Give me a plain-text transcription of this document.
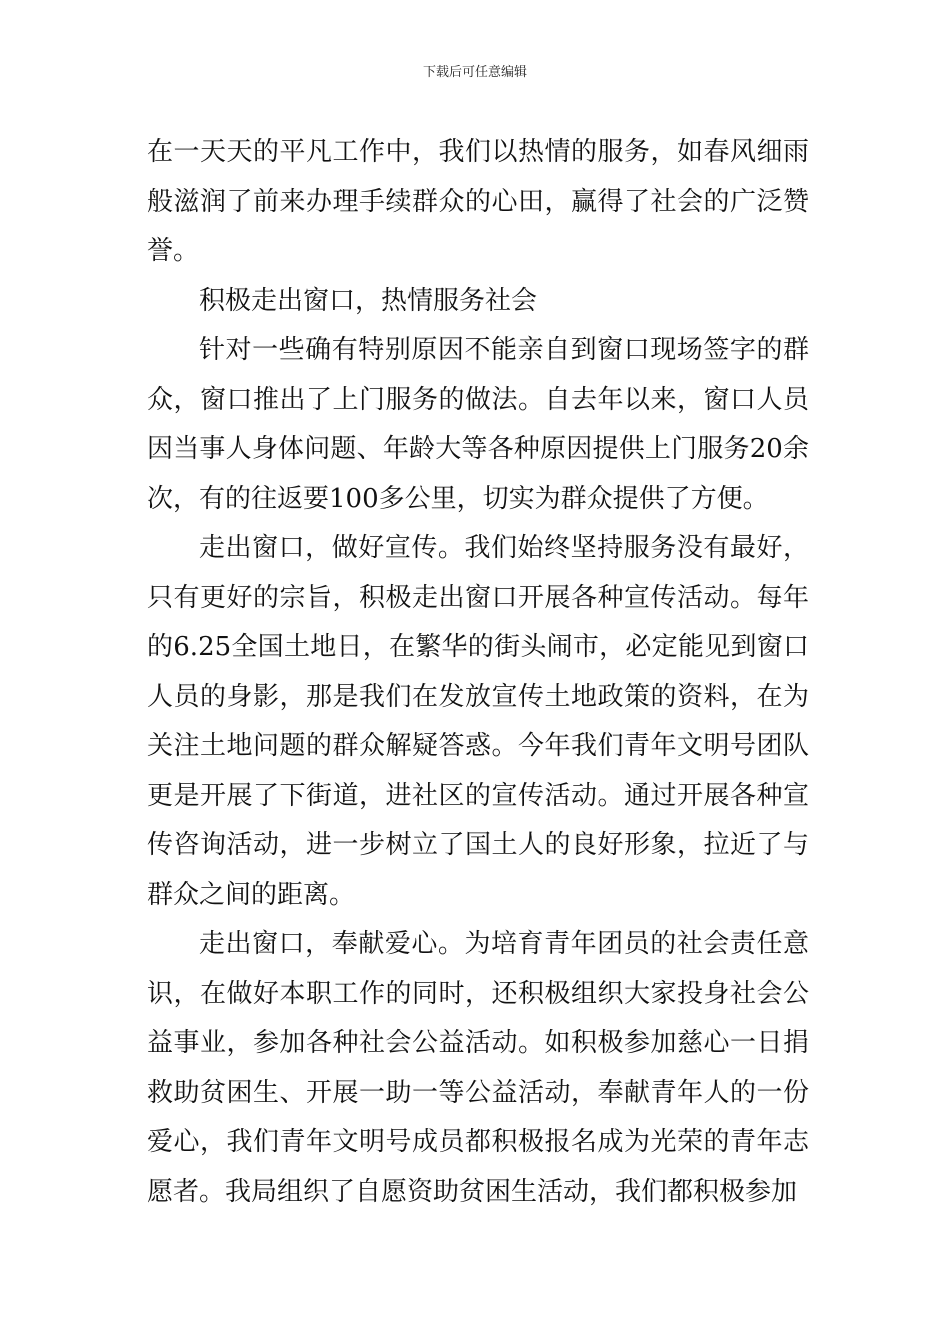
下载后可任意编辑

在一天天的平凡工作中，我们以热情的服务，如春风细雨般滋润了前来办理手续群众的心田，赢得了社会的广泛赞誉。

积极走出窗口，热情服务社会

针对一些确有特别原因不能亲自到窗口现场签字的群众，窗口推出了上门服务的做法。自去年以来，窗口人员因当事人身体问题、年龄大等各种原因提供上门服务20余次，有的往返要100多公里，切实为群众提供了方便。

走出窗口，做好宣传。我们始终坚持服务没有最好，只有更好的宗旨，积极走出窗口开展各种宣传活动。每年的6.25全国土地日，在繁华的街头闹市，必定能见到窗口人员的身影，那是我们在发放宣传土地政策的资料，在为关注土地问题的群众解疑答惑。今年我们青年文明号团队更是开展了下街道，进社区的宣传活动。通过开展各种宣传咨询活动，进一步树立了国土人的良好形象，拉近了与群众之间的距离。

走出窗口，奉献爱心。为培育青年团员的社会责任意识，在做好本职工作的同时，还积极组织大家投身社会公益事业，参加各种社会公益活动。如积极参加慈心一日捐救助贫困生、开展一助一等公益活动，奉献青年人的一份爱心，我们青年文明号成员都积极报名成为光荣的青年志愿者。我局组织了自愿资助贫困生活动，我们都积极参加
